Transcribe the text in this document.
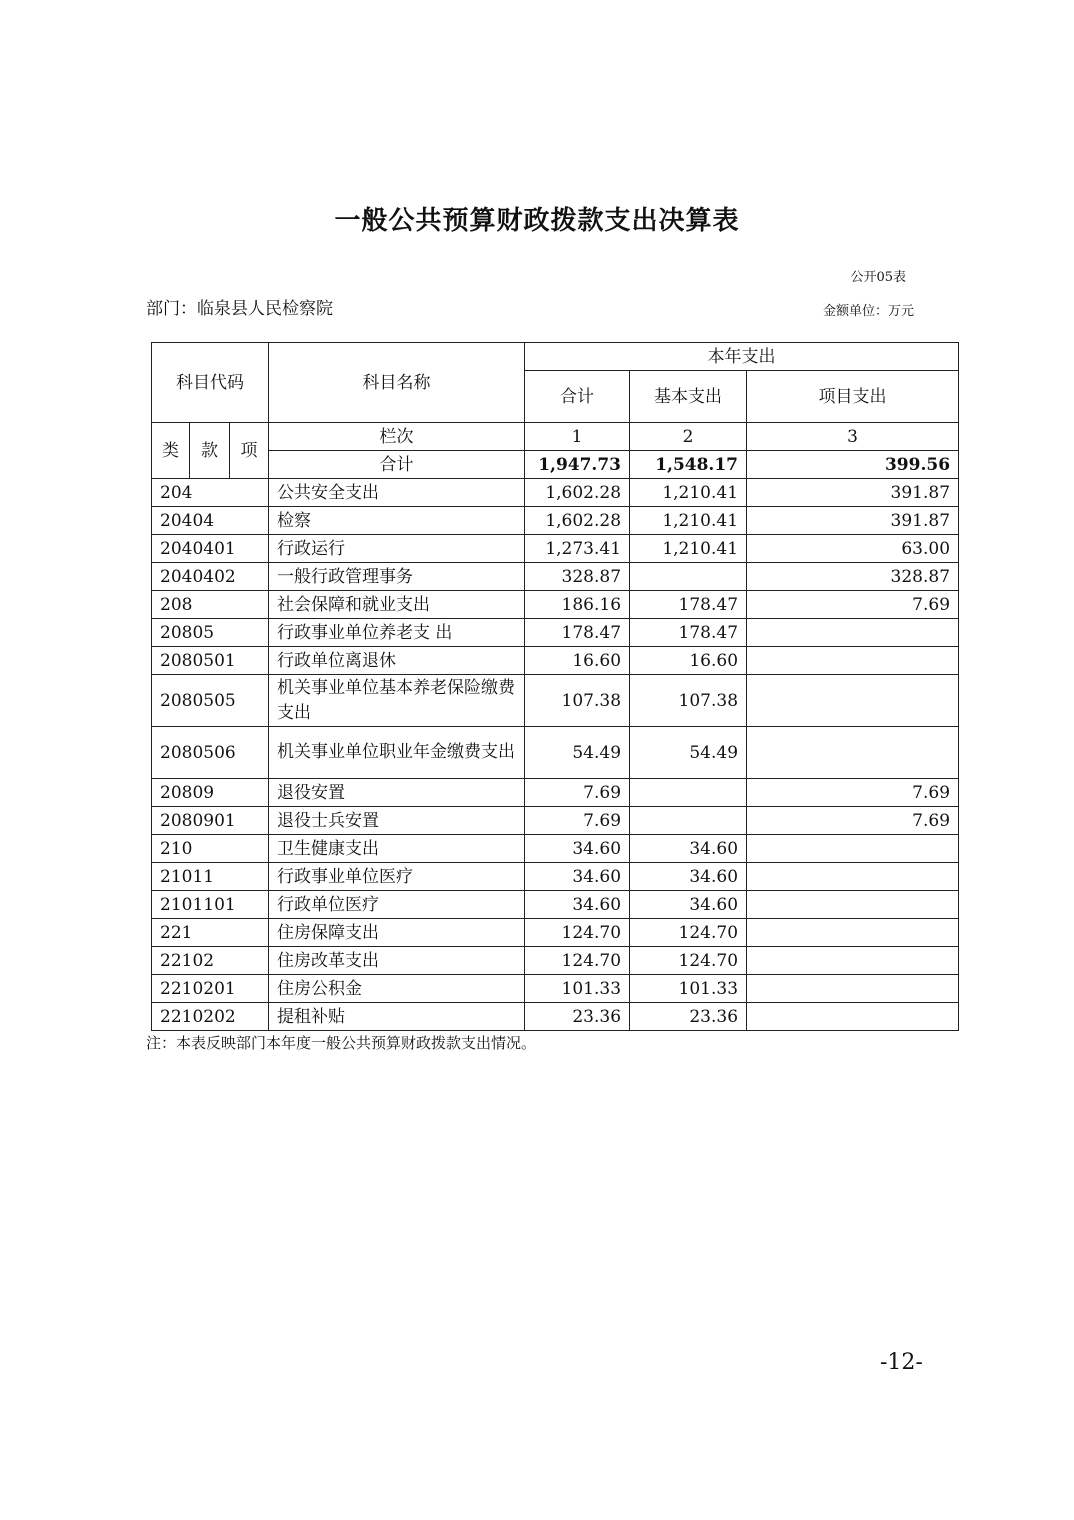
一般公共预算财政拨款支出决算表
公开05表
部门：临泉县人民检察院	金额单位：万元
科目代码			科目名称	本年支出		
				合计	基本支出	项目支出
类	款	项	栏次	1	2	3
			合计	1,947.73	1,548.17	399.56
204			公共安全支出	1,602.28	1,210.41	391.87
20404			检察	1,602.28	1,210.41	391.87
2040401			行政运行	1,273.41	1,210.41	63.00
2040402			一般行政管理事务	328.87		328.87
208			社会保障和就业支出	186.16	178.47	7.69
20805			行政事业单位养老支 出	178.47	178.47	
2080501			行政单位离退休	16.60	16.60	
2080505			机关事业单位基本养老保险缴费支出	107.38	107.38	
2080506			机关事业单位职业年金缴费支出	54.49	54.49	
20809			退役安置	7.69		7.69
2080901			退役士兵安置	7.69		7.69
210			卫生健康支出	34.60	34.60	
21011			行政事业单位医疗	34.60	34.60	
2101101			行政单位医疗	34.60	34.60	
221			住房保障支出	124.70	124.70	
22102			住房改革支出	124.70	124.70	
2210201			住房公积金	101.33	101.33	
2210202			提租补贴	23.36	23.36	
注：本表反映部门本年度一般公共预算财政拨款支出情况。
-12-
